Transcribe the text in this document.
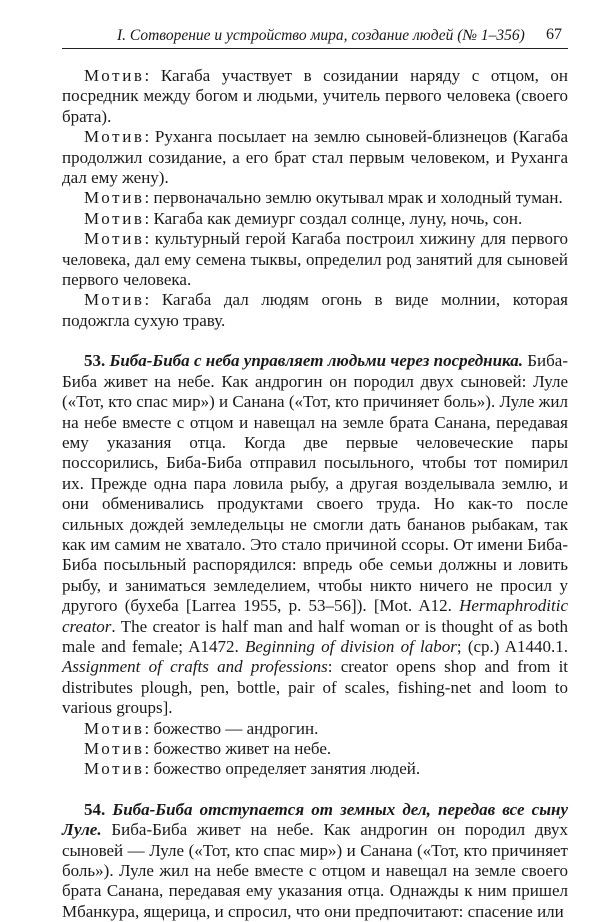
I. Сотворение и устройство мира, создание людей (№ 1–356) 67

Мотив: Кагаба участвует в созидании наряду с отцом, он посредник между богом и людьми, учитель первого человека (своего брата).

Мотив: Руханга посылает на землю сыновей-близнецов (Кагаба продолжил созидание, а его брат стал первым человеком, и Руханга дал ему жену).

Мотив: первоначально землю окутывал мрак и холодный туман.

Мотив: Кагаба как демиург создал солнце, луну, ночь, сон.

Мотив: культурный герой Кагаба построил хижину для первого человека, дал ему семена тыквы, определил род занятий для сыновей первого человека.

Мотив: Кагаба дал людям огонь в виде молнии, которая подожгла сухую траву.

53. Биба-Биба с неба управляет людьми через посредника. Биба-Биба живет на небе. Как андрогин он породил двух сыновей: Луле («Тот, кто спас мир») и Санана («Тот, кто причиняет боль»). Луле жил на небе вместе с отцом и навещал на земле брата Санана, передавая ему указания отца. Когда две первые человеческие пары поссорились, Биба-Биба отправил посыльного, чтобы тот помирил их. Прежде одна пара ловила рыбу, а другая возделывала землю, и они обменивались продуктами своего труда. Но как-то после сильных дождей земледельцы не смогли дать бананов рыбакам, так как им самим не хватало. Это стало причиной ссоры. От имени Биба-Биба посыльный распорядился: впредь обе семьи должны и ловить рыбу, и заниматься земледелием, чтобы никто ничего не просил у другого (бухеба [Larrea 1955, p. 53–56]). [Mot. A12. Hermaphroditic creator. The creator is half man and half woman or is thought of as both male and female; A1472. Beginning of division of labor; (ср.) A1440.1. Assignment of crafts and professions: creator opens shop and from it distributes plough, pen, bottle, pair of scales, fishing-net and loom to various groups].

Мотив: божество — андрогин.

Мотив: божество живет на небе.

Мотив: божество определяет занятия людей.

54. Биба-Биба отступается от земных дел, передав все сыну Луле. Биба-Биба живет на небе. Как андрогин он породил двух сыновей — Луле («Тот, кто спас мир») и Санана («Тот, кто причиняет боль»). Луле жил на небе вместе с отцом и навещал на земле своего брата Санана, передавая ему указания отца. Однажды к ним пришел Мбанкура, ящерица, и спросил, что они предпочитают: спасение или
